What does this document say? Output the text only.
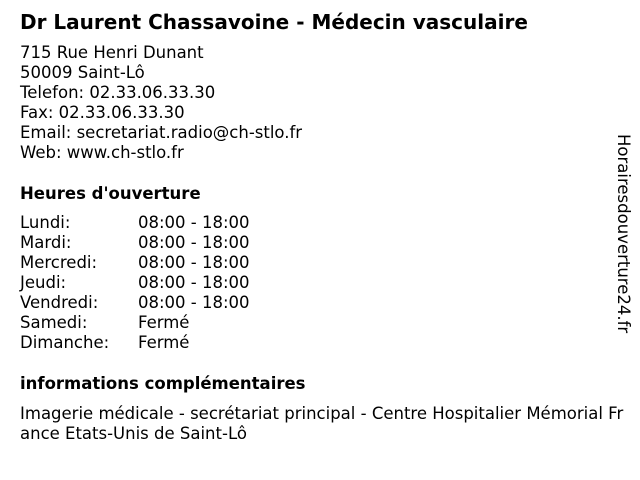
Dr Laurent Chassavoine - Médecin vasculaire
715 Rue Henri Dunant
50009 Saint-Lô
Telefon: 02.33.06.33.30
Fax: 02.33.06.33.30
Email: secretariat.radio@ch-stlo.fr
Web: www.ch-stlo.fr
Heures d'ouverture
Lundi:	08:00 - 18:00
Mardi:	08:00 - 18:00
Mercredi: 08:00 - 18:00
Jeudi:	08:00 - 18:00
Vendredi: 08:00 - 18:00
Samedi:	Fermé
Dimanche: Fermé
informations complémentaires
Imagerie médicale - secrétariat principal - Centre Hospitalier Mémorial France Etats-Unis de Saint-Lô
Horairesdouverture24.fr
